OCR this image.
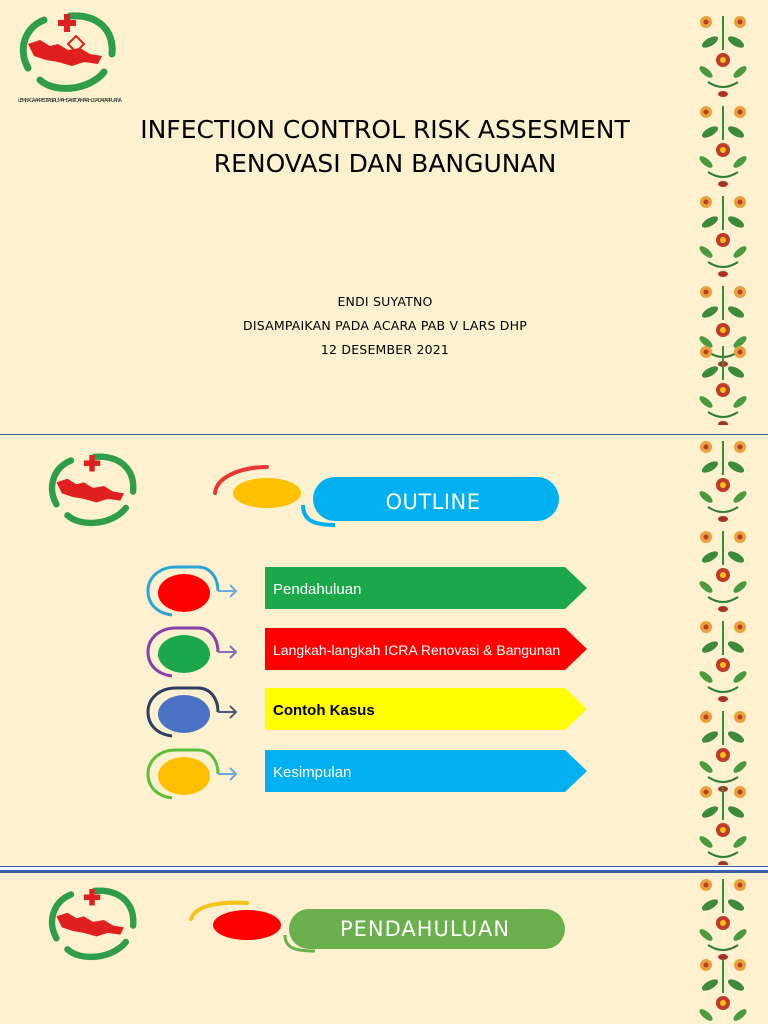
LEMBAGA AKREDITASI RUMAH SAKIT DAMAR HUSADA PARIPURNA
INFECTION CONTROL RISK ASSESMENT
RENOVASI DAN BANGUNAN
ENDI SUYATNO
DISAMPAIKAN PADA ACARA PAB V LARS DHP
12 DESEMBER 2021
OUTLINE
Pendahuluan
Langkah-langkah ICRA Renovasi & Bangunan
Contoh Kasus
Kesimpulan
PENDAHULUAN
